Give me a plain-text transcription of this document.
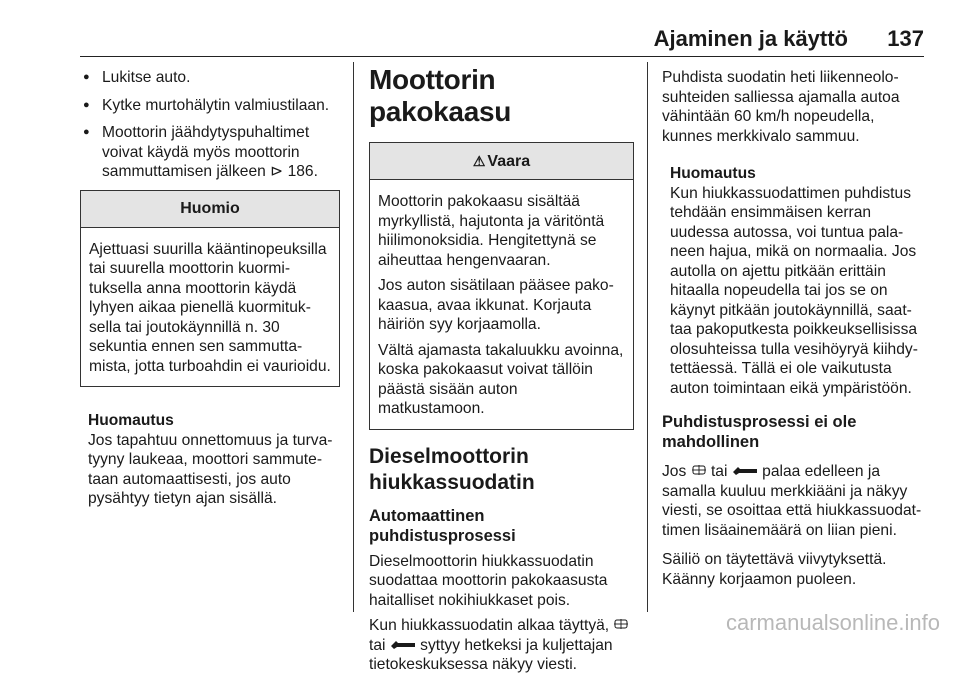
Ajaminen ja käyttö 137
● Lukitse auto.
● Kytke murtohälytin valmiustilaan.
● Moottorin jäähdytyspuhaltimet voivat käydä myös moottorin sammuttamisen jälkeen ⊳ 186.
Huomio

Ajettuasi suurilla kääntinopeuksilla tai suurella moottorin kuormituksella anna moottorin käydä lyhyen aikaa pienellä kuormituksella tai joutokäynnillä n. 30 sekuntia ennen sen sammuttamista, jotta turboahdin ei vaurioidu.

Huomautus
Jos tapahtuu onnettomuus ja turvatyyny laukeaa, moottori sammutetaan automaattisesti, jos auto pysähtyy tietyn ajan sisällä.
Moottorin pakokaasu
⚠ Vaara

Moottorin pakokaasu sisältää myrkyllistä, hajutonta ja väritöntä hiilimonoksidia. Hengitettynä se aiheuttaa hengenvaaran.

Jos auton sisätilaan pääsee pakokaasua, avaa ikkunat. Korjauta häiriön syy korjaamolla.

Vältä ajamasta takaluukku avoinna, koska pakokaasut voivat tällöin päästä sisään auton matkustamoon.

Dieselmoottorin hiukkassuodatin
Automaattinen puhdistusprosessi

Dieselmoottorin hiukkassuodatin suodattaa moottorin pakokaasusta haitalliset nokihiukkaset pois.

Kun hiukkassuodatin alkaa täyttyä,  tai syttyy hetkeksi ja kuljettajan tietokeskuksessa näkyy viesti.

Puhdista suodatin heti liikenneolosuhteiden salliessa ajamalla autoa vähintään 60 km/h nopeudella, kunnes merkkivalo sammuu.

Huomautus
Kun hiukkassuodattimen puhdistus tehdään ensimmäisen kerran uudessa autossa, voi tuntua palaneen hajua, mikä on normaalia. Jos autolla on ajettu pitkään erittäin hitaalla nopeudella tai jos se on käynyt pitkään joutokäynnillä, saattaa pakoputkesta poikkeuksellisissa olosuhteissa tulla vesihöyryä kiihdytettäessä. Tällä ei ole vaikutusta auton toimintaan eikä ympäristöön.
Puhdistusprosessi ei ole mahdollinen

Jos tai palaa edelleen ja samalla kuuluu merkkiääni ja näkyy viesti, se osoittaa että hiukkassuodattimen lisäainemäärä on liian pieni.

Säiliö on täytettävä viivytyksettä. Käänny korjaamon puoleen.

carmanualsonline.info
